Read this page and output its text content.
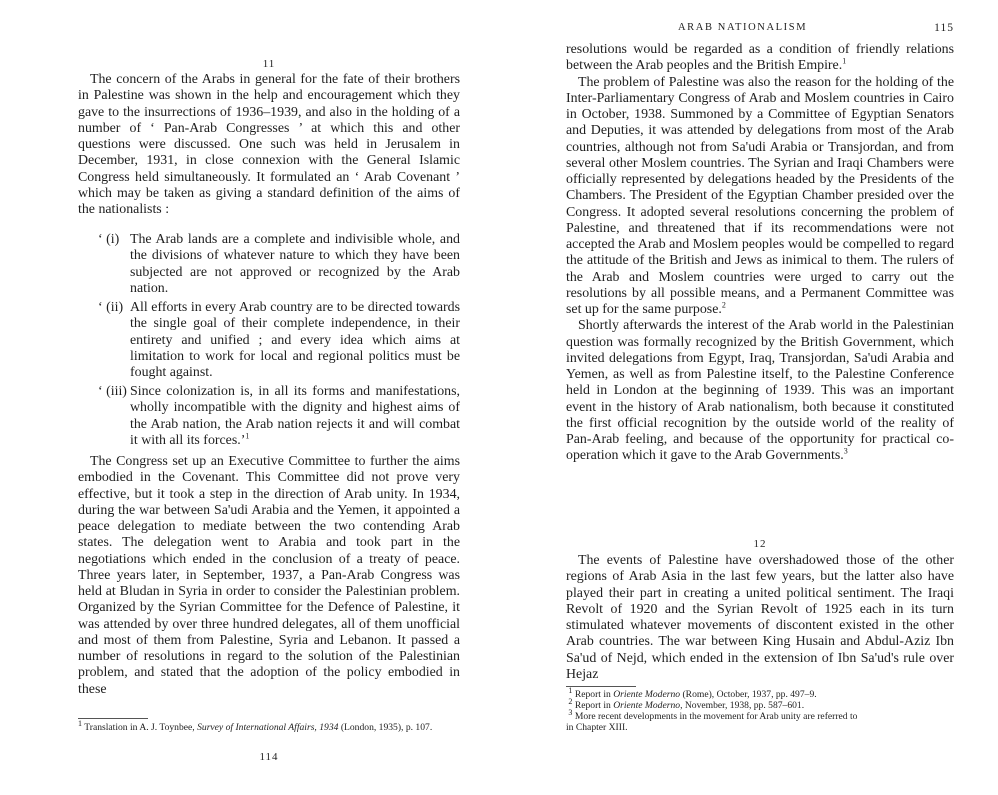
11

The concern of the Arabs in general for the fate of their brothers in Palestine was shown in the help and encouragement which they gave to the insurrections of 1936–1939, and also in the holding of a number of ‘ Pan-Arab Congresses ’ at which this and other questions were discussed. One such was held in Jerusalem in December, 1931, in close connexion with the General Islamic Congress held simultaneously. It formulated an ‘ Arab Covenant ’ which may be taken as giving a standard definition of the aims of the nationalists :

‘ (i) The Arab lands are a complete and indivisible whole, and the divisions of whatever nature to which they have been subjected are not approved or recognized by the Arab nation.
‘ (ii) All efforts in every Arab country are to be directed towards the single goal of their complete independence, in their entirety and unified ; and every idea which aims at limitation to work for local and regional politics must be fought against.
‘ (iii) Since colonization is, in all its forms and manifestations, wholly incompatible with the dignity and highest aims of the Arab nation, the Arab nation rejects it and will combat it with all its forces.’$^1$

The Congress set up an Executive Committee to further the aims embodied in the Covenant. This Committee did not prove very effective, but it took a step in the direction of Arab unity. In 1934, during the war between Sa'udi Arabia and the Yemen, it appointed a peace delegation to mediate between the two contending Arab states. The delegation went to Arabia and took part in the negotiations which ended in the conclusion of a treaty of peace. Three years later, in September, 1937, a Pan-Arab Congress was held at Bludan in Syria in order to consider the Palestinian problem. Organized by the Syrian Committee for the Defence of Palestine, it was attended by over three hundred delegates, all of them unofficial and most of them from Palestine, Syria and Lebanon. It passed a number of resolutions in regard to the solution of the Palestinian problem, and stated that the adoption of the policy embodied in these

$^1$ Translation in A. J. Toynbee, Survey of International Affairs, 1934 (London, 1935), p. 107.

114
ARAB NATIONALISM	115

resolutions would be regarded as a condition of friendly relations between the Arab peoples and the British Empire.$^1$

The problem of Palestine was also the reason for the holding of the Inter-Parliamentary Congress of Arab and Moslem countries in Cairo in October, 1938. Summoned by a Committee of Egyptian Senators and Deputies, it was attended by delegations from most of the Arab countries, although not from Sa'udi Arabia or Transjordan, and from several other Moslem countries. The Syrian and Iraqi Chambers were officially represented by delegations headed by the Presidents of the Chambers. The President of the Egyptian Chamber presided over the Congress. It adopted several resolutions concerning the problem of Palestine, and threatened that if its recommendations were not accepted the Arab and Moslem peoples would be compelled to regard the attitude of the British and Jews as inimical to them. The rulers of the Arab and Moslem countries were urged to carry out the resolutions by all possible means, and a Permanent Committee was set up for the same purpose.$^2$

Shortly afterwards the interest of the Arab world in the Palestinian question was formally recognized by the British Government, which invited delegations from Egypt, Iraq, Transjordan, Sa'udi Arabia and Yemen, as well as from Palestine itself, to the Palestine Conference held in London at the beginning of 1939. This was an important event in the history of Arab nationalism, both because it constituted the first official recognition by the outside world of the reality of Pan-Arab feeling, and because of the opportunity for practical co-operation which it gave to the Arab Governments.$^3$

12

The events of Palestine have overshadowed those of the other regions of Arab Asia in the last few years, but the latter also have played their part in creating a united political sentiment. The Iraqi Revolt of 1920 and the Syrian Revolt of 1925 each in its turn stimulated whatever movements of discontent existed in the other Arab countries. The war between King Husain and Abdul-Aziz Ibn Sa'ud of Nejd, which ended in the extension of Ibn Sa'ud's rule over Hejaz

$^1$ Report in Oriente Moderno (Rome), October, 1937, pp. 497–9.
$^2$ Report in Oriente Moderno, November, 1938, pp. 587–601.
$^3$ More recent developments in the movement for Arab unity are referred to
in Chapter XIII.
